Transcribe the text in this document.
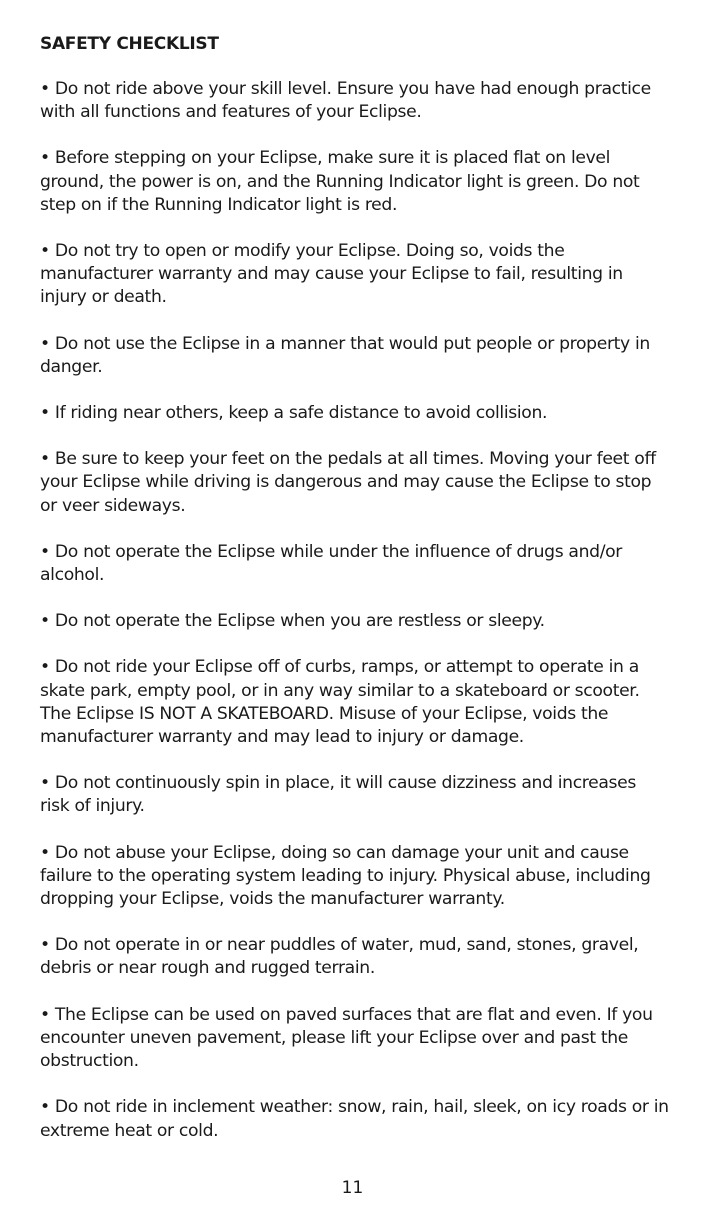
SAFETY CHECKLIST
• Do not ride above your skill level. Ensure you have had enough practice with all functions and features of your Eclipse.
• Before stepping on your Eclipse, make sure it is placed flat on level ground, the power is on, and the Running Indicator light is green. Do not step on if the Running Indicator light is red.
• Do not try to open or modify your Eclipse. Doing so, voids the manufacturer warranty and may cause your Eclipse to fail, resulting in injury or death.
• Do not use the Eclipse in a manner that would put people or property in danger.
• If riding near others, keep a safe distance to avoid collision.
• Be sure to keep your feet on the pedals at all times. Moving your feet off your Eclipse while driving is dangerous and may cause the Eclipse to stop or veer sideways.
• Do not operate the Eclipse while under the influence of drugs and/or alcohol.
• Do not operate the Eclipse when you are restless or sleepy.
• Do not ride your Eclipse off of curbs, ramps, or attempt to operate in a skate park, empty pool, or in any way similar to a skateboard or scooter. The Eclipse IS NOT A SKATEBOARD. Misuse of your Eclipse, voids the manufacturer warranty and may lead to injury or damage.
• Do not continuously spin in place, it will cause dizziness and increases risk of injury.
• Do not abuse your Eclipse, doing so can damage your unit and cause failure to the operating system leading to injury. Physical abuse, including dropping your Eclipse, voids the manufacturer warranty.
• Do not operate in or near puddles of water, mud, sand, stones, gravel, debris or near rough and rugged terrain.
• The Eclipse can be used on paved surfaces that are flat and even. If you encounter uneven pavement, please lift your Eclipse over and past the obstruction.
• Do not ride in inclement weather: snow, rain, hail, sleek, on icy roads or in extreme heat or cold.
11
